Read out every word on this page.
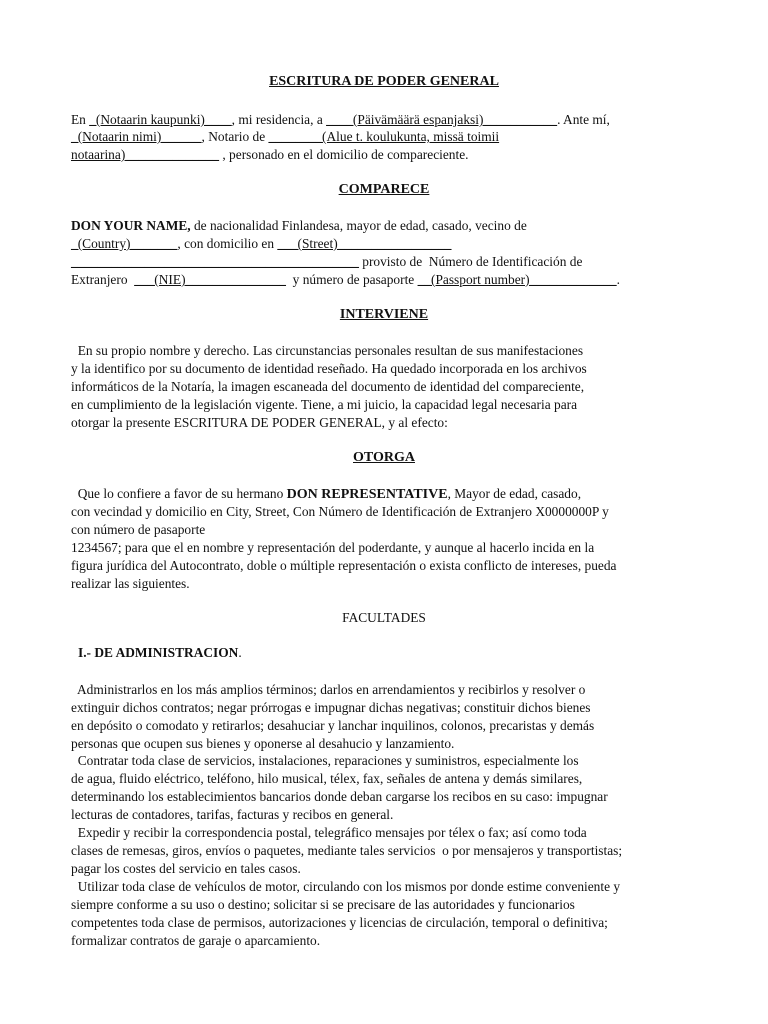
ESCRITURA DE PODER GENERAL
En _(Notaarin kaupunki)____, mi residencia, a ____(Päivämäärä espanjaksi)___________. Ante mí,
_(Notaarin nimi)______, Notario de ________(Alue t. koulukunta, missä toimii
notaarina)______________ , personado en el domicilio de compareciente.
COMPARECE
DON YOUR NAME, de nacionalidad Finlandesa, mayor de edad, casado, vecino de
_(Country)_______, con domicilio en ___(Street)_________________
___________________________________________ provisto de  Número de Identificación de
Extranjero  ___(NIE)_______________  y número de pasaporte __(Passport number)_____________.
INTERVIENE
En su propio nombre y derecho. Las circunstancias personales resultan de sus manifestaciones
y la identifico por su documento de identidad reseñado. Ha quedado incorporada en los archivos
informáticos de la Notaría, la imagen escaneada del documento de identidad del compareciente,
en cumplimiento de la legislación vigente. Tiene, a mi juicio, la capacidad legal necesaria para
otorgar la presente ESCRITURA DE PODER GENERAL, y al efecto:
OTORGA
Que lo confiere a favor de su hermano DON REPRESENTATIVE, Mayor de edad, casado,
con vecindad y domicilio en City, Street, Con Número de Identificación de Extranjero X0000000P y
con número de pasaporte
1234567; para que el en nombre y representación del poderdante, y aunque al hacerlo incida en la
figura jurídica del Autocontrato, doble o múltiple representación o exista conflicto de intereses, pueda
realizar las siguientes.
FACULTADES
I.- DE ADMINISTRACION.
Administrarlos en los más amplios términos; darlos en arrendamientos y recibirlos y resolver o
extinguir dichos contratos; negar prórrogas e impugnar dichas negativas; constituir dichos bienes
en depósito o comodato y retirarlos; desahuciar y lanchar inquilinos, colonos, precaristas y demás
personas que ocupen sus bienes y oponerse al desahucio y lanzamiento.
Contratar toda clase de servicios, instalaciones, reparaciones y suministros, especialmente los
de agua, fluido eléctrico, teléfono, hilo musical, télex, fax, señales de antena y demás similares,
determinando los establecimientos bancarios donde deban cargarse los recibos en su caso: impugnar
lecturas de contadores, tarifas, facturas y recibos en general.
Expedir y recibir la correspondencia postal, telegráfico mensajes por télex o fax; así como toda
clases de remesas, giros, envíos o paquetes, mediante tales servicios  o por mensajeros y transportistas;
pagar los costes del servicio en tales casos.
Utilizar toda clase de vehículos de motor, circulando con los mismos por donde estime conveniente y
siempre conforme a su uso o destino; solicitar si se precisare de las autoridades y funcionarios
competentes toda clase de permisos, autorizaciones y licencias de circulación, temporal o definitiva;
formalizar contratos de garaje o aparcamiento.
